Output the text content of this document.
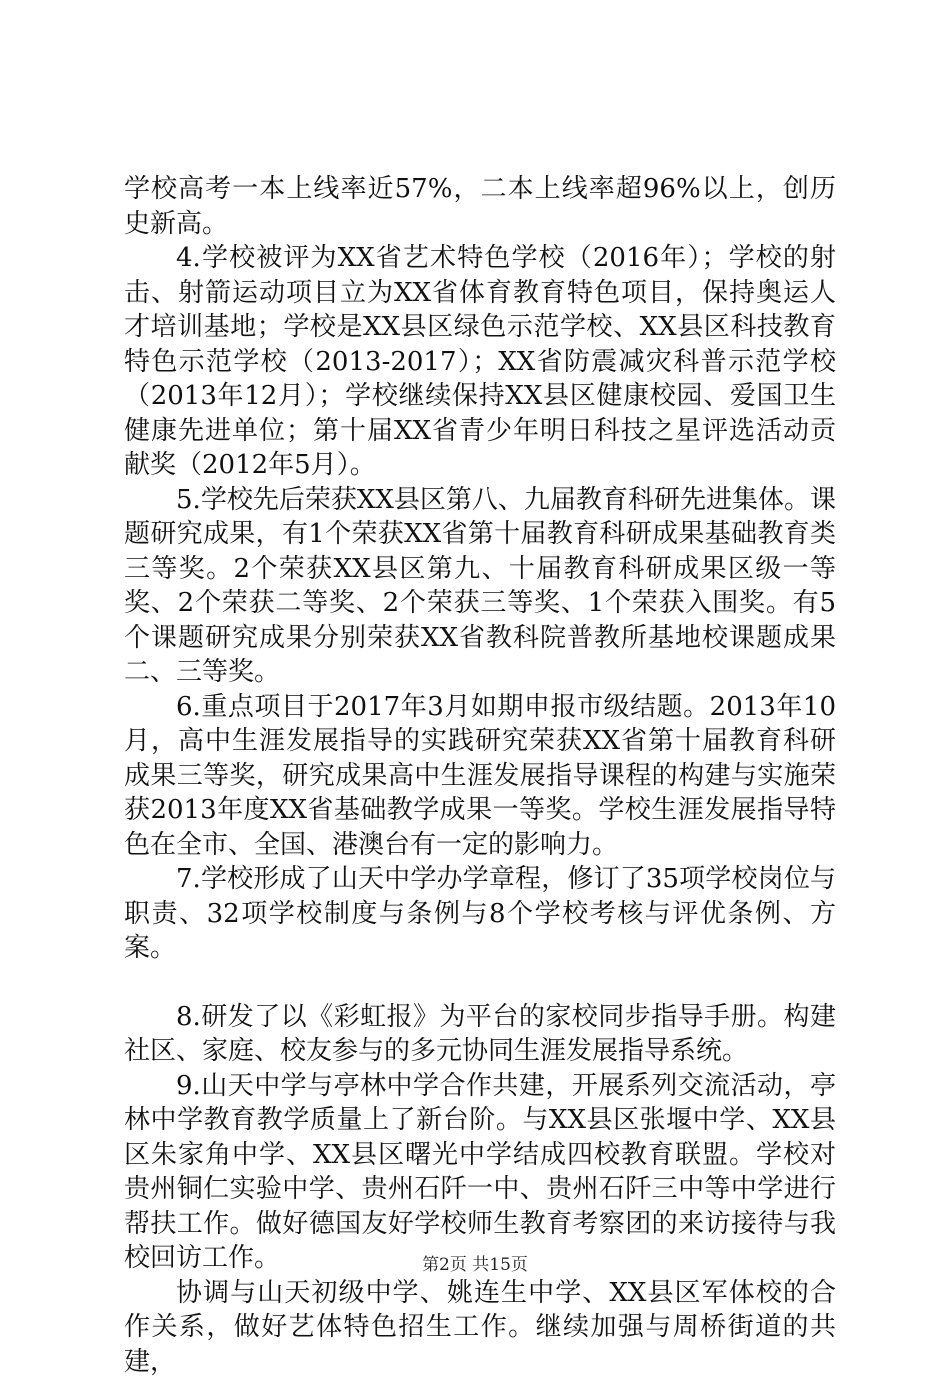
学校高考一本上线率近57%，二本上线率超96%以上，创历史新高。

4.学校被评为XX省艺术特色学校（2016年）；学校的射击、射箭运动项目立为XX省体育教育特色项目，保持奥运人才培训基地；学校是XX县区绿色示范学校、XX县区科技教育特色示范学校（2013-2017）；XX省防震减灾科普示范学校（2013年12月）；学校继续保持XX县区健康校园、爱国卫生健康先进单位；第十届XX省青少年明日科技之星评选活动贡献奖（2012年5月）。

5.学校先后荣获XX县区第八、九届教育科研先进集体。课题研究成果，有1个荣获XX省第十届教育科研成果基础教育类三等奖。2个荣获XX县区第九、十届教育科研成果区级一等奖、2个荣获二等奖、2个荣获三等奖、1个荣获入围奖。有5个课题研究成果分别荣获XX省教科院普教所基地校课题成果二、三等奖。

6.重点项目于2017年3月如期申报市级结题。2013年10月，高中生涯发展指导的实践研究荣获XX省第十届教育科研成果三等奖，研究成果高中生涯发展指导课程的构建与实施荣获2013年度XX省基础教学成果一等奖。学校生涯发展指导特色在全市、全国、港澳台有一定的影响力。

7.学校形成了山天中学办学章程，修订了35项学校岗位与职责、32项学校制度与条例与8个学校考核与评优条例、方案。

8.研发了以《彩虹报》为平台的家校同步指导手册。构建社区、家庭、校友参与的多元协同生涯发展指导系统。

9.山天中学与亭林中学合作共建，开展系列交流活动，亭林中学教育教学质量上了新台阶。与XX县区张堰中学、XX县区朱家角中学、XX县区曙光中学结成四校教育联盟。学校对贵州铜仁实验中学、贵州石阡一中、贵州石阡三中等中学进行帮扶工作。做好德国友好学校师生教育考察团的来访接待与我校回访工作。

协调与山天初级中学、姚连生中学、XX县区军体校的合作关系，做好艺体特色招生工作。继续加强与周桥街道的共建，

第2页 共15页
